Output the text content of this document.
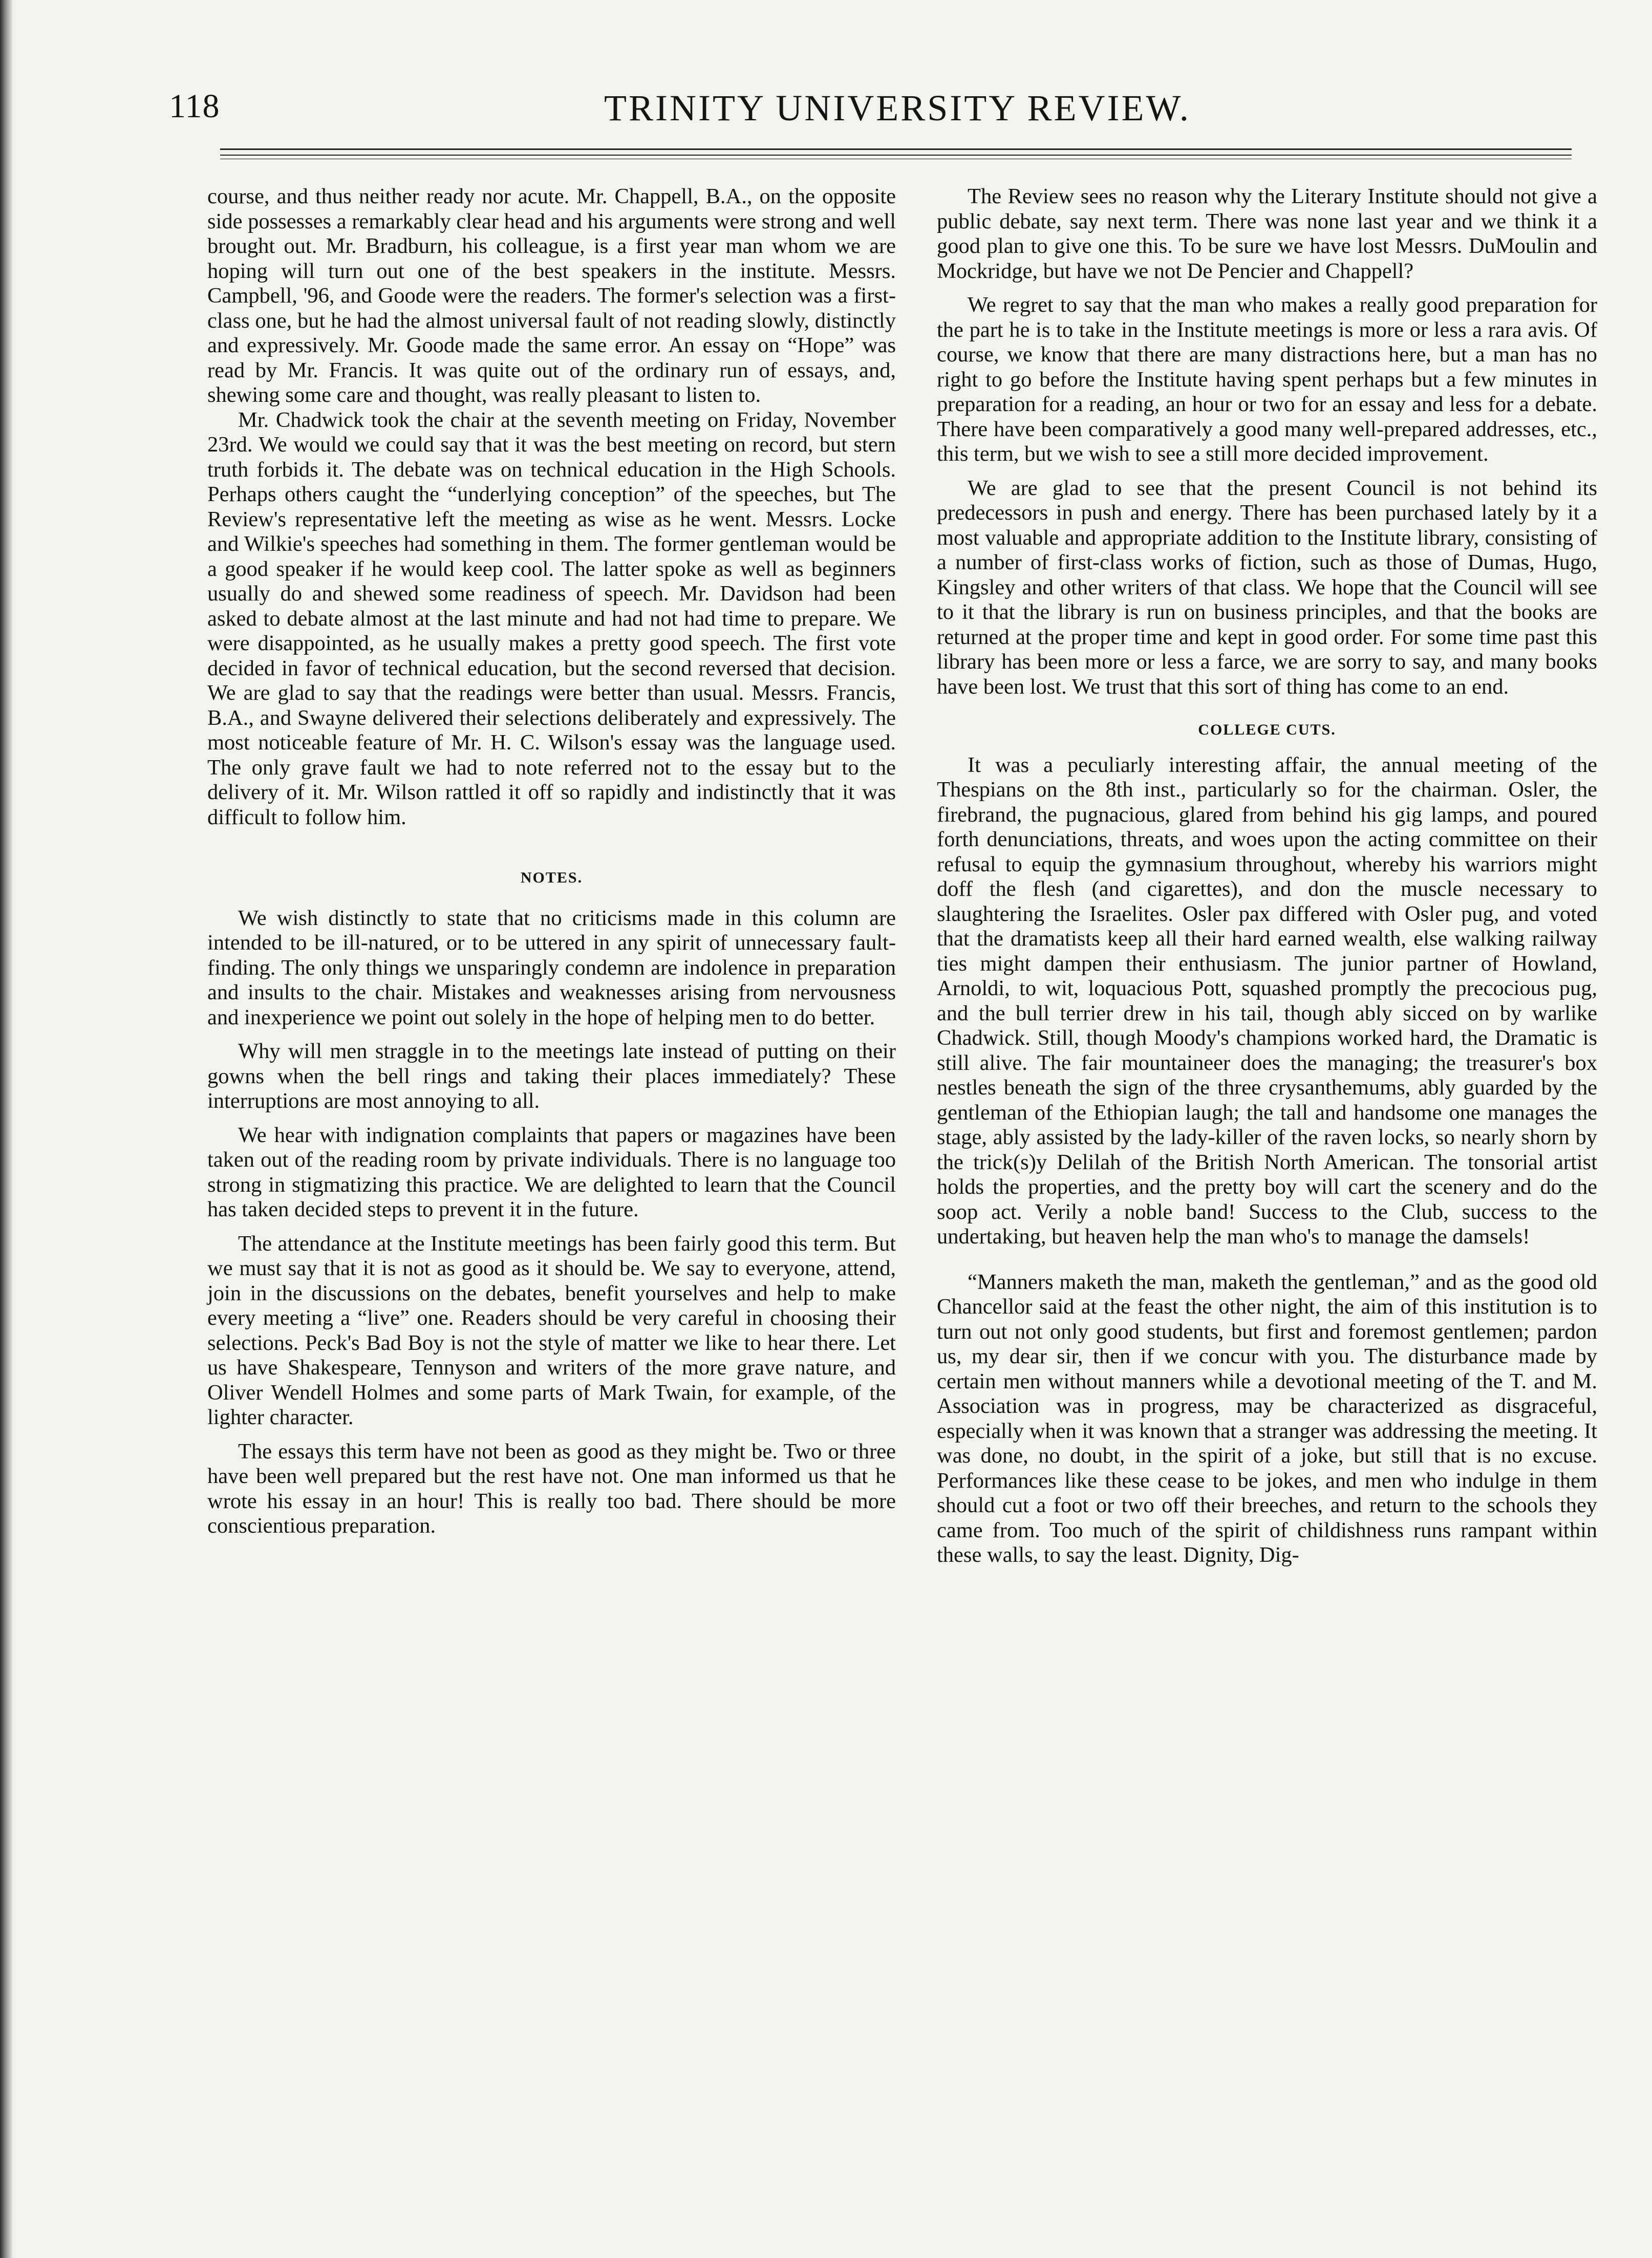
118	TRINITY UNIVERSITY REVIEW.

course, and thus neither ready nor acute. Mr. Chappell, B.A., on the opposite side possesses a remarkably clear head and his arguments were strong and well brought out. Mr. Bradburn, his colleague, is a first year man whom we are hoping will turn out one of the best speakers in the institute. Messrs. Campbell, '96, and Goode were the readers. The former's selection was a first-class one, but he had the almost universal fault of not reading slowly, distinctly and expressively. Mr. Goode made the same error. An essay on “Hope” was read by Mr. Francis. It was quite out of the ordinary run of essays, and, shewing some care and thought, was really pleasant to listen to.

Mr. Chadwick took the chair at the seventh meeting on Friday, November 23rd. We would we could say that it was the best meeting on record, but stern truth forbids it. The debate was on technical education in the High Schools. Perhaps others caught the “underlying conception” of the speeches, but The Review's representative left the meeting as wise as he went. Messrs. Locke and Wilkie's speeches had something in them. The former gentleman would be a good speaker if he would keep cool. The latter spoke as well as beginners usually do and shewed some readiness of speech. Mr. Davidson had been asked to debate almost at the last minute and had not had time to prepare. We were disappointed, as he usually makes a pretty good speech. The first vote decided in favor of technical education, but the second reversed that decision. We are glad to say that the readings were better than usual. Messrs. Francis, B.A., and Swayne delivered their selections deliberately and expressively. The most noticeable feature of Mr. H. C. Wilson's essay was the language used. The only grave fault we had to note referred not to the essay but to the delivery of it. Mr. Wilson rattled it off so rapidly and indistinctly that it was difficult to follow him.

NOTES.

We wish distinctly to state that no criticisms made in this column are intended to be ill-natured, or to be uttered in any spirit of unnecessary fault-finding. The only things we unsparingly condemn are indolence in preparation and insults to the chair. Mistakes and weaknesses arising from nervousness and inexperience we point out solely in the hope of helping men to do better.

Why will men straggle in to the meetings late instead of putting on their gowns when the bell rings and taking their places immediately? These interruptions are most annoying to all.

We hear with indignation complaints that papers or magazines have been taken out of the reading room by private individuals. There is no language too strong in stigmatizing this practice. We are delighted to learn that the Council has taken decided steps to prevent it in the future.

The attendance at the Institute meetings has been fairly good this term. But we must say that it is not as good as it should be. We say to everyone, attend, join in the discussions on the debates, benefit yourselves and help to make every meeting a “live” one. Readers should be very careful in choosing their selections. Peck's Bad Boy is not the style of matter we like to hear there. Let us have Shakespeare, Tennyson and writers of the more grave nature, and Oliver Wendell Holmes and some parts of Mark Twain, for example, of the lighter character.

The essays this term have not been as good as they might be. Two or three have been well prepared but the rest have not. One man informed us that he wrote his essay in an hour! This is really too bad. There should be more conscientious preparation.

The Review sees no reason why the Literary Institute should not give a public debate, say next term. There was none last year and we think it a good plan to give one this. To be sure we have lost Messrs. DuMoulin and Mockridge, but have we not De Pencier and Chappell?

We regret to say that the man who makes a really good preparation for the part he is to take in the Institute meetings is more or less a rara avis. Of course, we know that there are many distractions here, but a man has no right to go before the Institute having spent perhaps but a few minutes in preparation for a reading, an hour or two for an essay and less for a debate. There have been comparatively a good many well-prepared addresses, etc., this term, but we wish to see a still more decided improvement.

We are glad to see that the present Council is not behind its predecessors in push and energy. There has been purchased lately by it a most valuable and appropriate addition to the Institute library, consisting of a number of first-class works of fiction, such as those of Dumas, Hugo, Kingsley and other writers of that class. We hope that the Council will see to it that the library is run on business principles, and that the books are returned at the proper time and kept in good order. For some time past this library has been more or less a farce, we are sorry to say, and many books have been lost. We trust that this sort of thing has come to an end.

COLLEGE CUTS.

It was a peculiarly interesting affair, the annual meeting of the Thespians on the 8th inst., particularly so for the chairman. Osler, the firebrand, the pugnacious, glared from behind his gig lamps, and poured forth denunciations, threats, and woes upon the acting committee on their refusal to equip the gymnasium throughout, whereby his warriors might doff the flesh (and cigarettes), and don the muscle necessary to slaughtering the Israelites. Osler pax differed with Osler pug, and voted that the dramatists keep all their hard earned wealth, else walking railway ties might dampen their enthusiasm. The junior partner of Howland, Arnoldi, to wit, loquacious Pott, squashed promptly the precocious pug, and the bull terrier drew in his tail, though ably sicced on by warlike Chadwick. Still, though Moody's champions worked hard, the Dramatic is still alive. The fair mountaineer does the managing; the treasurer's box nestles beneath the sign of the three crysanthemums, ably guarded by the gentleman of the Ethiopian laugh; the tall and handsome one manages the stage, ably assisted by the lady-killer of the raven locks, so nearly shorn by the trick(s)y Delilah of the British North American. The tonsorial artist holds the properties, and the pretty boy will cart the scenery and do the soop act. Verily a noble band! Success to the Club, success to the undertaking, but heaven help the man who's to manage the damsels!

“Manners maketh the man, maketh the gentleman,” and as the good old Chancellor said at the feast the other night, the aim of this institution is to turn out not only good students, but first and foremost gentlemen; pardon us, my dear sir, then if we concur with you. The disturbance made by certain men without manners while a devotional meeting of the T. and M. Association was in progress, may be characterized as disgraceful, especially when it was known that a stranger was addressing the meeting. It was done, no doubt, in the spirit of a joke, but still that is no excuse. Performances like these cease to be jokes, and men who indulge in them should cut a foot or two off their breeches, and return to the schools they came from. Too much of the spirit of childishness runs rampant within these walls, to say the least. Dignity, Dig-
